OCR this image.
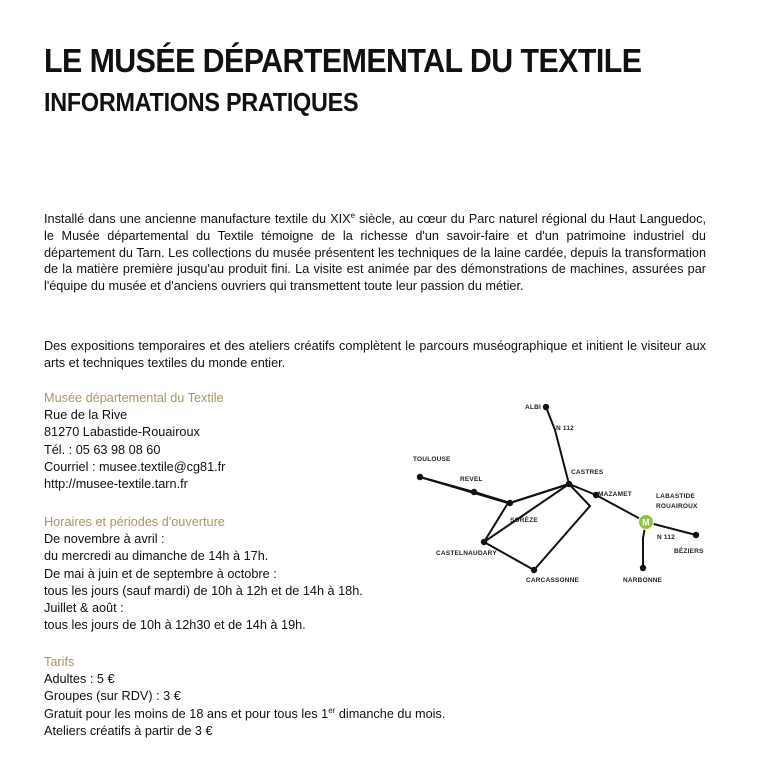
LE MUSÉE DÉPARTEMENTAL DU TEXTILE
INFORMATIONS PRATIQUES
Installé dans une ancienne manufacture textile du XIXe siècle, au cœur du Parc naturel régional du Haut Languedoc, le Musée départemental du Textile témoigne de la richesse d'un savoir-faire et d'un patrimoine industriel du département du Tarn. Les collections du musée présentent les techniques de la laine cardée, depuis la transformation de la matière première jusqu'au produit fini. La visite est animée par des démonstrations de machines, assurées par l'équipe du musée et d'anciens ouvriers qui transmettent toute leur passion du métier.
Des expositions temporaires et des ateliers créatifs complètent le parcours muséographique et initient le visiteur aux arts et techniques textiles du monde entier.
Musée départemental du Textile
Rue de la Rive
81270 Labastide-Rouairoux
Tél. : 05 63 98 08 60
Courriel : musee.textile@cg81.fr
http://musee-textile.tarn.fr
Horaires et périodes d'ouverture
De novembre à avril :
du mercredi au dimanche de 14h à 17h.
De mai à juin et de septembre à octobre :
tous les jours (sauf mardi) de 10h à 12h et de 14h à 18h.
Juillet & août :
tous les jours de 10h à 12h30 et de 14h à 19h.
Tarifs
Adultes : 5 €
Groupes (sur RDV) : 3 €
Gratuit pour les moins de 18 ans et pour tous les 1er dimanche du mois.
Ateliers créatifs à partir de 3 €
M
ALBI
N 112
TOULOUSE
REVEL
CASTRES
MAZAMET	LABASTIDE
ROUAIROUX
SORÈZE
N 112
BÉZIERS
CASTELNAUDARY
CARCASSONNE	NARBONNE
